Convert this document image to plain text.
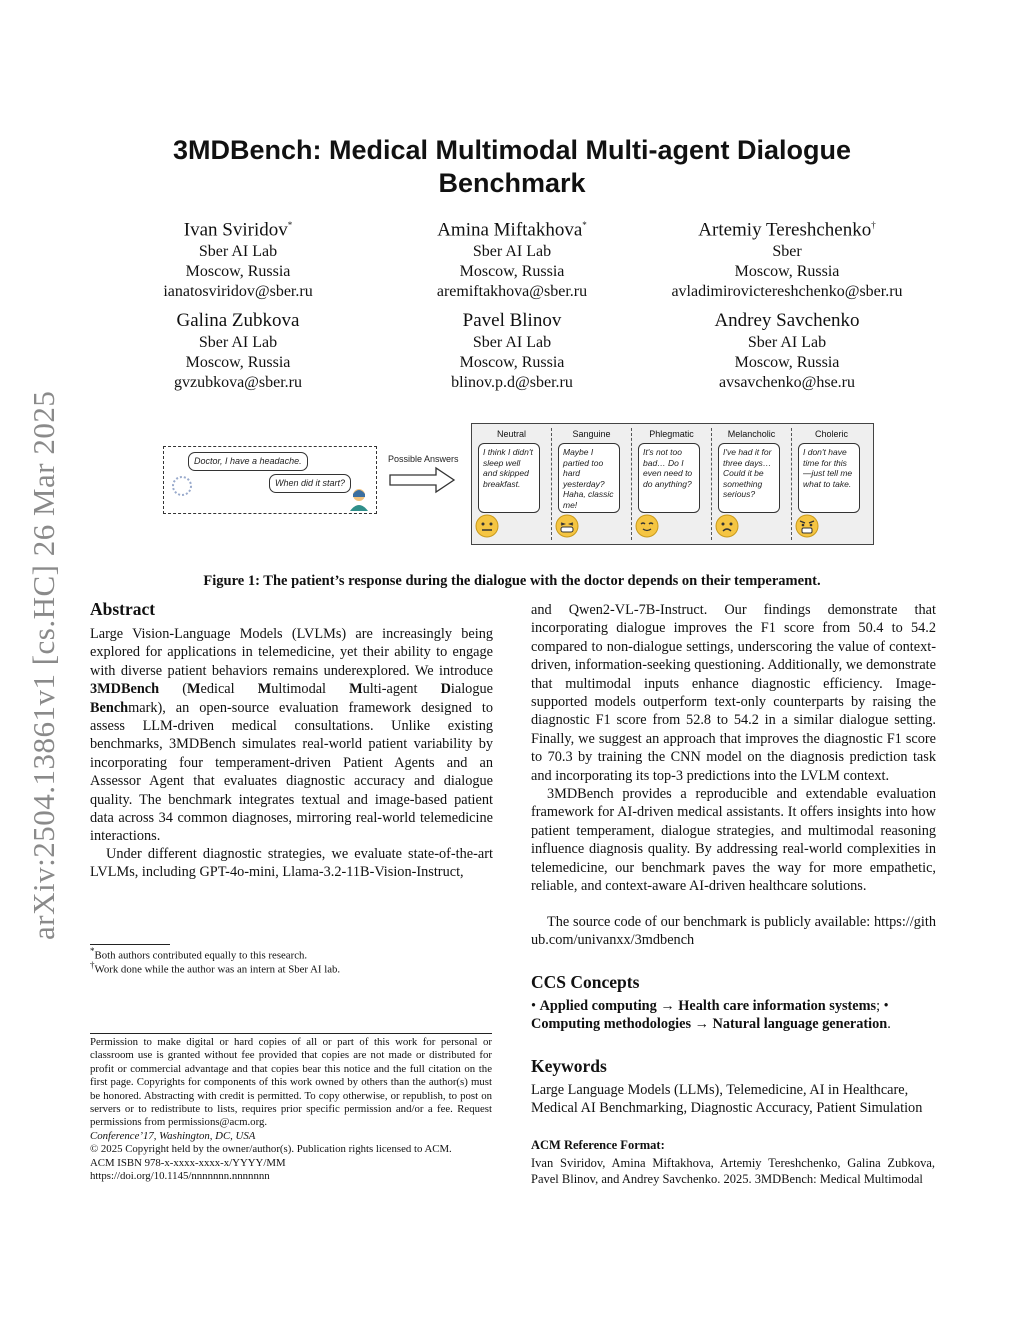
arXiv:2504.13861v1 [cs.HC] 26 Mar 2025
3MDBench: Medical Multimodal Multi-agent Dialogue Benchmark
Ivan Sviridov*
Sber AI Lab
Moscow, Russia
ianatosviridov@sber.ru
Amina Miftakhova*
Sber AI Lab
Moscow, Russia
aremiftakhova@sber.ru
Artemiy Tereshchenko†
Sber
Moscow, Russia
avladimirovictereshchenko@sber.ru
Galina Zubkova
Sber AI Lab
Moscow, Russia
gvzubkova@sber.ru
Pavel Blinov
Sber AI Lab
Moscow, Russia
blinov.p.d@sber.ru
Andrey Savchenko
Sber AI Lab
Moscow, Russia
avsavchenko@hse.ru
Doctor, I have a headache.
When did it start?
Possible Answers
Neutral
I think I didn't sleep well and skipped breakfast.
Sanguine
Maybe I partied too hard yesterday? Haha, classic me!
Phlegmatic
It's not too bad… Do I even need to do anything?
Melancholic
I've had it for three days… Could it be something serious?
Choleric
I don't have time for this—just tell me what to take.
Figure 1: The patient’s response during the dialogue with the doctor depends on their temperament.
Abstract

Large Vision-Language Models (LVLMs) are increasingly being explored for applications in telemedicine, yet their ability to engage with diverse patient behaviors remains underexplored. We introduce 3MDBench (Medical Multimodal Multi-agent Dialogue Benchmark), an open-source evaluation framework designed to assess LLM-driven medical consultations. Unlike existing benchmarks, 3MDBench simulates real-world patient variability by incorporating four temperament-driven Patient Agents and an Assessor Agent that evaluates diagnostic accuracy and dialogue quality. The benchmark integrates textual and image-based patient data across 34 common diagnoses, mirroring real-world telemedicine interactions.

Under different diagnostic strategies, we evaluate state-of-the-art LVLMs, including GPT-4o-mini, Llama-3.2-11B-Vision-Instruct,

*Both authors contributed equally to this research.

†Work done while the author was an intern at Sber AI lab.

Permission to make digital or hard copies of all or part of this work for personal or classroom use is granted without fee provided that copies are not made or distributed for profit or commercial advantage and that copies bear this notice and the full citation on the first page. Copyrights for components of this work owned by others than the author(s) must be honored. Abstracting with credit is permitted. To copy otherwise, or republish, to post on servers or to redistribute to lists, requires prior specific permission and/or a fee. Request permissions from permissions@acm.org.

Conference’17, Washington, DC, USA

© 2025 Copyright held by the owner/author(s). Publication rights licensed to ACM.

ACM ISBN 978-x-xxxx-xxxx-x/YYYY/MM

https://doi.org/10.1145/nnnnnnn.nnnnnnn

and Qwen2-VL-7B-Instruct. Our findings demonstrate that incorporating dialogue improves the F1 score from 50.4 to 54.2 compared to non-dialogue settings, underscoring the value of context-driven, information-seeking questioning. Additionally, we demonstrate that multimodal inputs enhance diagnostic efficiency. Image-supported models outperform text-only counterparts by raising the diagnostic F1 score from 52.8 to 54.2 in a similar dialogue setting. Finally, we suggest an approach that improves the diagnostic F1 score to 70.3 by training the CNN model on the diagnosis prediction task and incorporating its top-3 predictions into the LVLM context.

3MDBench provides a reproducible and extendable evaluation framework for AI-driven medical assistants. It offers insights into how patient temperament, dialogue strategies, and multimodal reasoning influence diagnosis quality. By addressing real-world complexities in telemedicine, our benchmark paves the way for more empathetic, reliable, and context-aware AI-driven healthcare solutions.

The source code of our benchmark is publicly available: https://github.com/univanxx/3mdbench

CCS Concepts

• Applied computing → Health care information systems; • Computing methodologies → Natural language generation.

Keywords

Large Language Models (LLMs), Telemedicine, AI in Healthcare, Medical AI Benchmarking, Diagnostic Accuracy, Patient Simulation

ACM Reference Format:

Ivan Sviridov, Amina Miftakhova, Artemiy Tereshchenko, Galina Zubkova, Pavel Blinov, and Andrey Savchenko. 2025. 3MDBench: Medical Multimodal
